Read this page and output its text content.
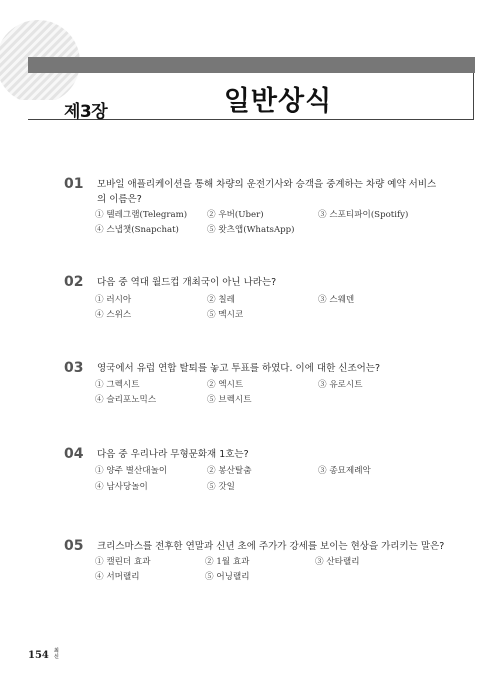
제3장	일반상식
01 모바일 애플리케이션을 통해 차량의 운전기사와 승객을 중계하는 차량 예약 서비스의 이름은?
① 텔레그램(Telegram) ② 우버(Uber)	③ 스포티파이(Spotify)
④ 스냅챗(Snapchat)	⑤ 왓츠앱(WhatsApp)
02 다음 중 역대 월드컵 개최국이 아닌 나라는?
① 러시아	② 칠레	③ 스웨덴
④ 스위스	⑤ 멕시코
03 영국에서 유럽 연합 탈퇴를 놓고 투표를 하였다. 이에 대한 신조어는?
① 그렉시트	② 엑시트	③ 유로시트
④ 슬리포노믹스	⑤ 브렉시트
04 다음 중 우리나라 무형문화재 1호는?
① 양주 별산대놀이	② 봉산탈춤	③ 종묘제례악
④ 남사당놀이	⑤ 갓일
05 크리스마스를 전후한 연말과 신년 초에 주가가 강세를 보이는 현상을 가리키는 말은?
① 캘린더 효과	② 1월 효과	③ 산타랠리
④ 서머랠리	⑤ 어닝랠리
154 최신
